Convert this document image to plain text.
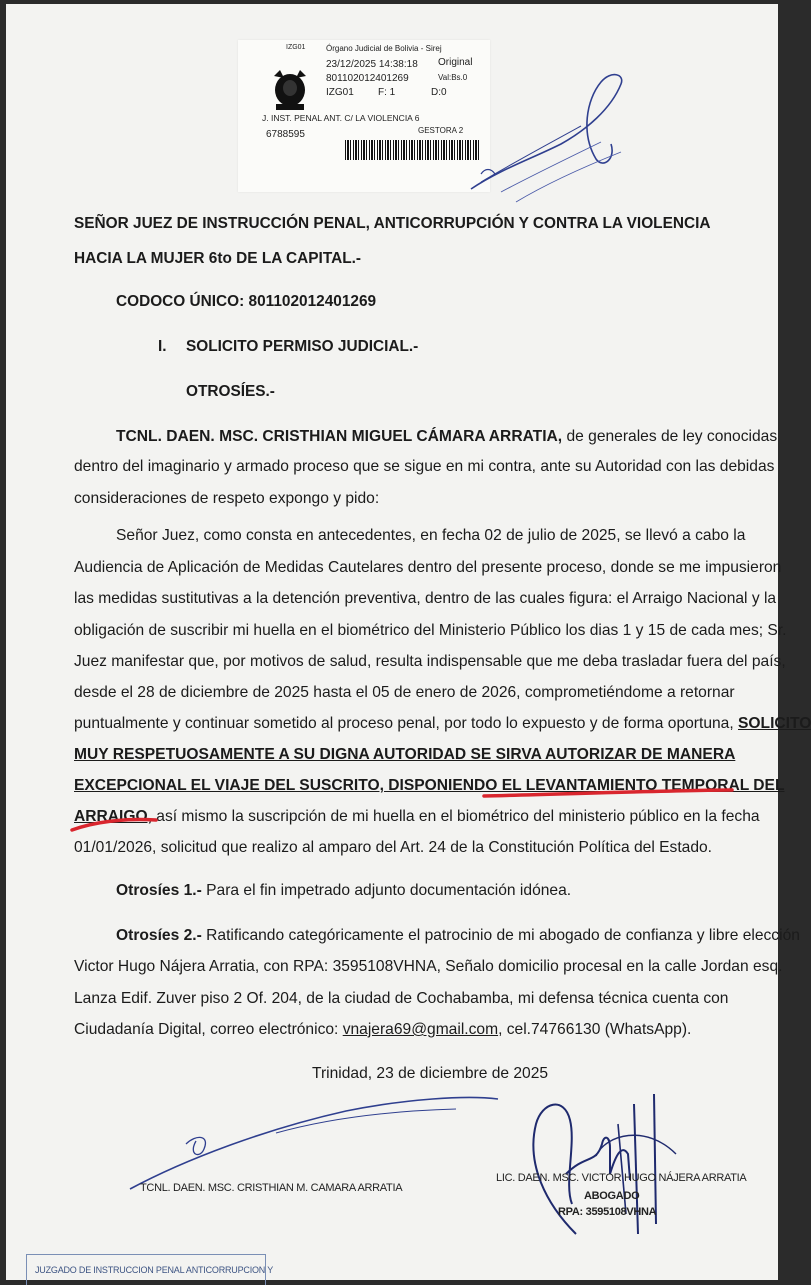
IZG01	Órgano Judicial de Bolivia - Sirej
23/12/2025 14:38:18 Original
801102012401269	Val:Bs.0
IZG01 F: 1	D:0
J. INST. PENAL ANT. C/ LA VIOLENCIA 6
6788595	GESTORA 2
SEÑOR JUEZ DE INSTRUCCIÓN PENAL, ANTICORRUPCIÓN Y CONTRA LA VIOLENCIA
HACIA LA MUJER 6to DE LA CAPITAL.-
CODOCO ÚNICO: 801102012401269
I. SOLICITO PERMISO JUDICIAL.-
OTROSÍES.-
TCNL. DAEN. MSC. CRISTHIAN MIGUEL CÁMARA ARRATIA, de generales de ley conocidas
dentro del imaginario y armado proceso que se sigue en mi contra, ante su Autoridad con las debidas
consideraciones de respeto expongo y pido:
Señor Juez, como consta en antecedentes, en fecha 02 de julio de 2025, se llevó a cabo la
Audiencia de Aplicación de Medidas Cautelares dentro del presente proceso, donde se me impusieron
las medidas sustitutivas a la detención preventiva, dentro de las cuales figura: el Arraigo Nacional y la
obligación de suscribir mi huella en el biométrico del Ministerio Público los dias 1 y 15 de cada mes; Sr.
Juez manifestar que, por motivos de salud, resulta indispensable que me deba trasladar fuera del país,
desde el 28 de diciembre de 2025 hasta el 05 de enero de 2026, comprometiéndome a retornar
puntualmente y continuar sometido al proceso penal, por todo lo expuesto y de forma oportuna, SOLICITO
MUY RESPETUOSAMENTE A SU DIGNA AUTORIDAD SE SIRVA AUTORIZAR DE MANERA
EXCEPCIONAL EL VIAJE DEL SUSCRITO, DISPONIENDO EL LEVANTAMIENTO TEMPORAL DEL
ARRAIGO, así mismo la suscripción de mi huella en el biométrico del ministerio público en la fecha
01/01/2026, solicitud que realizo al amparo del Art. 24 de la Constitución Política del Estado.
Otrosíes 1.- Para el fin impetrado adjunto documentación idónea.
Otrosíes 2.- Ratificando categóricamente el patrocinio de mi abogado de confianza y libre elección
Victor Hugo Nájera Arratia, con RPA: 3595108VHNA, Señalo domicilio procesal en la calle Jordan esq.
Lanza Edif. Zuver piso 2 Of. 204, de la ciudad de Cochabamba, mi defensa técnica cuenta con
Ciudadanía Digital, correo electrónico: vnajera69@gmail.com, cel.74766130 (WhatsApp).
Trinidad, 23 de diciembre de 2025
TCNL. DAEN. MSC. CRISTHIAN M. CAMARA ARRATIA
LIC. DAEN. MSC. VICTOR HUGO NÁJERA ARRATIA
ABOGADO
RPA: 3595108VHNA
JUZGADO DE INSTRUCCION PENAL ANTICORRUPCION Y
